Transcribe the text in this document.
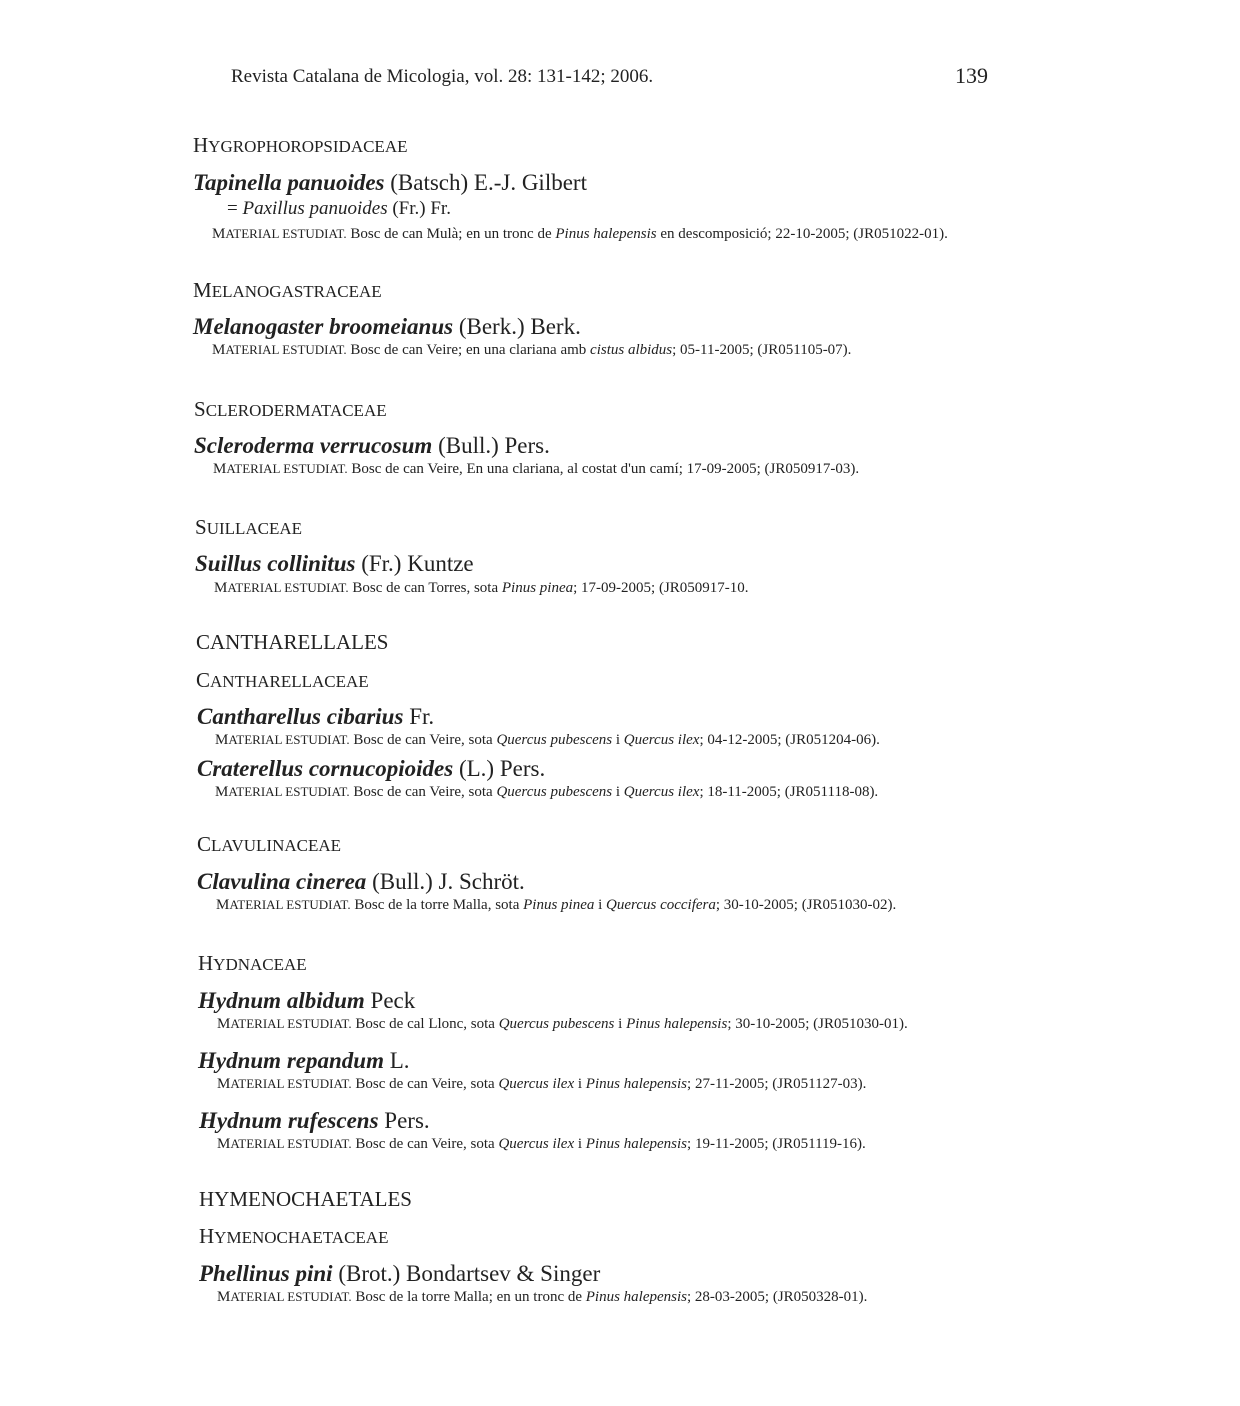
Revista Catalana de Micologia, vol. 28: 131-142; 2006.	139
HYGROPHOROPSIDACEAE
Tapinella panuoides (Batsch) E.-J. Gilbert
= Paxillus panuoides (Fr.) Fr.
MATERIAL ESTUDIAT. Bosc de can Mulà; en un tronc de Pinus halepensis en descomposició; 22-10-2005; (JR051022-01).
MELANOGASTRACEAE
Melanogaster broomeianus (Berk.) Berk.
MATERIAL ESTUDIAT. Bosc de can Veire; en una clariana amb cistus albidus; 05-11-2005; (JR051105-07).
SCLERODERMATACEAE
Scleroderma verrucosum (Bull.) Pers.
MATERIAL ESTUDIAT. Bosc de can Veire, En una clariana, al costat d'un camí; 17-09-2005; (JR050917-03).
SUILLACEAE
Suillus collinitus (Fr.) Kuntze
MATERIAL ESTUDIAT. Bosc de can Torres, sota Pinus pinea; 17-09-2005; (JR050917-10.
CANTHARELLALES
CANTHARELLACEAE
Cantharellus cibarius Fr.
MATERIAL ESTUDIAT. Bosc de can Veire, sota Quercus pubescens i Quercus ilex; 04-12-2005; (JR051204-06).
Craterellus cornucopioides (L.) Pers.
MATERIAL ESTUDIAT. Bosc de can Veire, sota Quercus pubescens i Quercus ilex; 18-11-2005; (JR051118-08).
CLAVULINACEAE
Clavulina cinerea (Bull.) J. Schröt.
MATERIAL ESTUDIAT. Bosc de la torre Malla, sota Pinus pinea i Quercus coccifera; 30-10-2005; (JR051030-02).
HYDNACEAE
Hydnum albidum Peck
MATERIAL ESTUDIAT. Bosc de cal Llonc, sota Quercus pubescens i Pinus halepensis; 30-10-2005; (JR051030-01).
Hydnum repandum L.
MATERIAL ESTUDIAT. Bosc de can Veire, sota Quercus ilex i Pinus halepensis; 27-11-2005; (JR051127-03).
Hydnum rufescens Pers.
MATERIAL ESTUDIAT. Bosc de can Veire, sota Quercus ilex i Pinus halepensis; 19-11-2005; (JR051119-16).
HYMENOCHAETALES
HYMENOCHAETACEAE
Phellinus pini (Brot.) Bondartsev & Singer
MATERIAL ESTUDIAT. Bosc de la torre Malla; en un tronc de Pinus halepensis; 28-03-2005; (JR050328-01).
